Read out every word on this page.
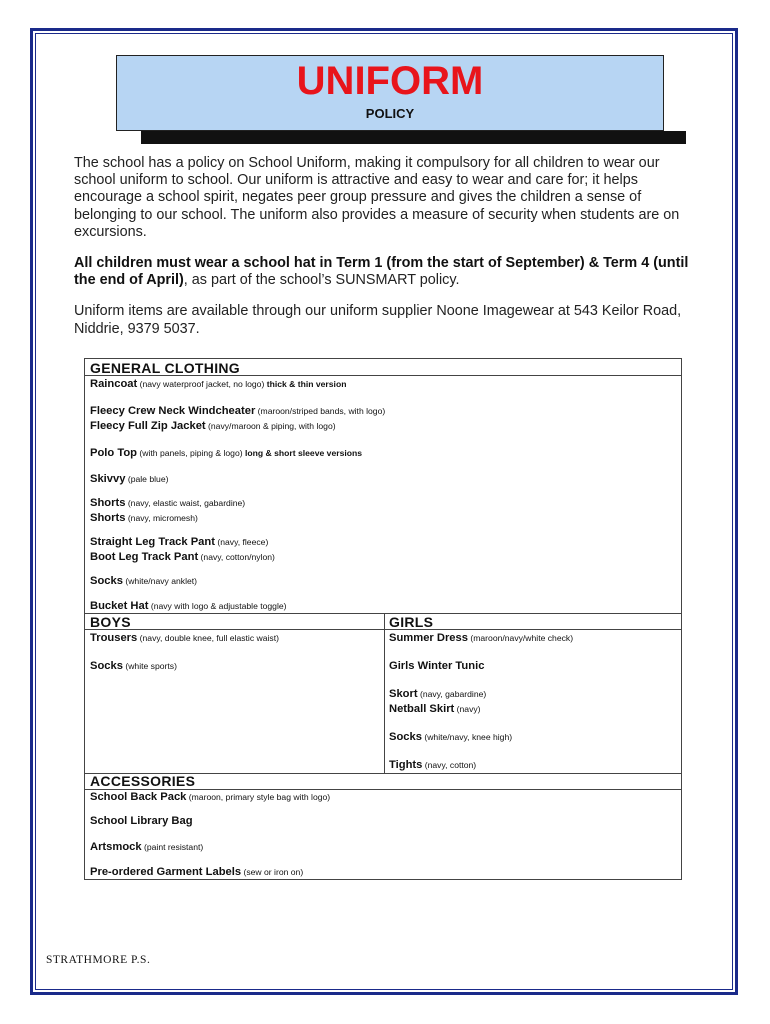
UNIFORM
POLICY

The school has a policy on School Uniform, making it compulsory for all children to wear our school uniform to school. Our uniform is attractive and easy to wear and care for; it helps encourage a school spirit, negates peer group pressure and gives the children a sense of belonging to our school. The uniform also provides a measure of security when students are on excursions.

All children must wear a school hat in Term 1 (from the start of September) & Term 4 (until the end of April), as part of the school’s SUNSMART policy.

Uniform items are available through our uniform supplier Noone Imagewear at 543 Keilor Road, Niddrie, 9379 5037.

GENERAL CLOTHING
Raincoat (navy waterproof jacket, no logo) thick & thin version
Fleecy Crew Neck Windcheater (maroon/striped bands, with logo)
Fleecy Full Zip Jacket (navy/maroon & piping, with logo)
Polo Top (with panels, piping & logo) long & short sleeve versions
Skivvy (pale blue)
Shorts (navy, elastic waist, gabardine)
Shorts (navy, micromesh)
Straight Leg Track Pant (navy, fleece)
Boot Leg Track Pant (navy, cotton/nylon)
Socks (white/navy anklet)
Bucket Hat (navy with logo & adjustable toggle)
BOYS
Trousers (navy, double knee, full elastic waist)
Socks (white sports)
GIRLS
Summer Dress (maroon/navy/white check)
Girls Winter Tunic
Skort (navy, gabardine)
Netball Skirt (navy)
Socks (white/navy, knee high)
Tights (navy, cotton)
ACCESSORIES
School Back Pack (maroon, primary style bag with logo)
School Library Bag
Artsmock (paint resistant)
Pre-ordered Garment Labels (sew or iron on)
STRATHMORE P.S.
